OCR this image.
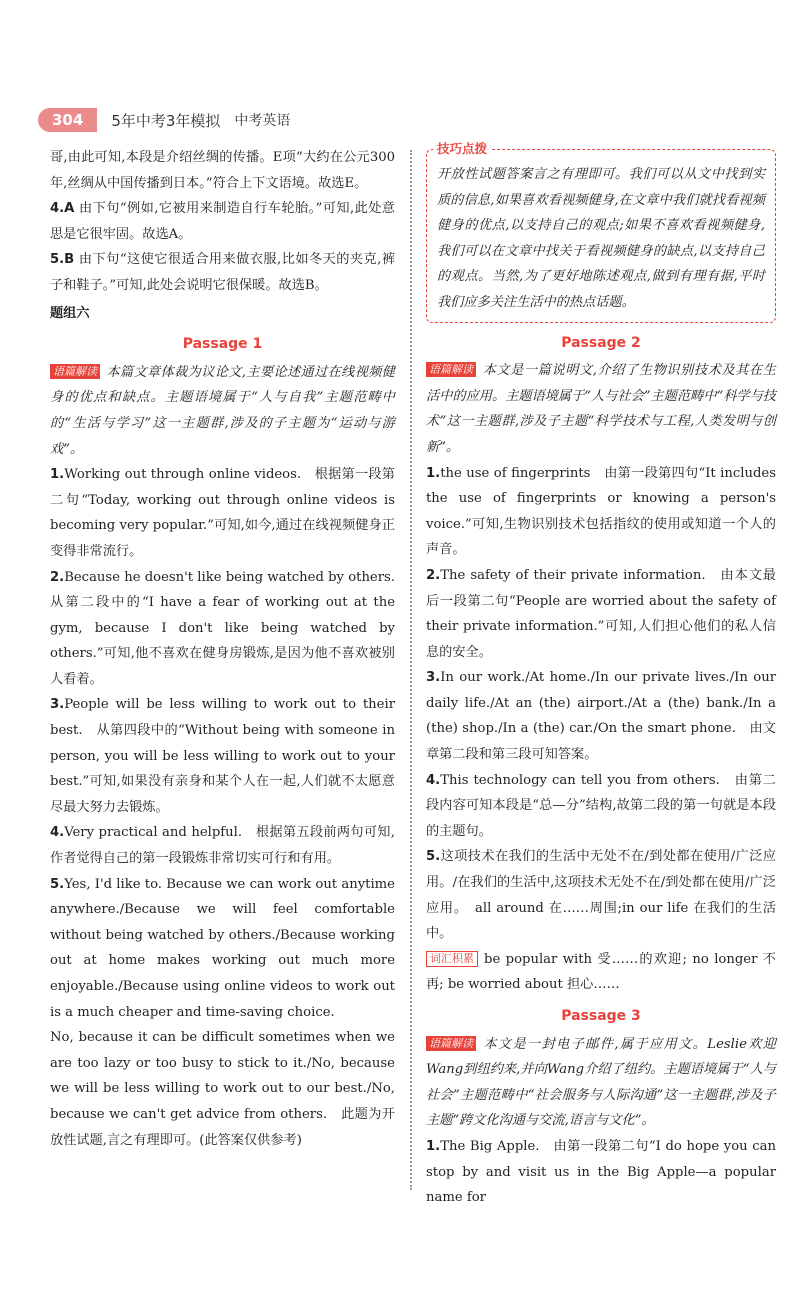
304	5年中考3年模拟 中考英语

哥,由此可知,本段是介绍丝绸的传播。E项“大约在公元300年,丝绸从中国传播到日本。”符合上下文语境。故选E。

4.A 由下句“例如,它被用来制造自行车轮胎。”可知,此处意思是它很牢固。故选A。

5.B 由下句“这使它很适合用来做衣服,比如冬天的夹克,裤子和鞋子。”可知,此处会说明它很保暖。故选B。

题组六
Passage 1

语篇解读 本篇文章体裁为议论文,主要论述通过在线视频健身的优点和缺点。主题语境属于“人与自我”主题范畴中的“生活与学习”这一主题群,涉及的子主题为“运动与游戏”。

1.Working out through online videos.　根据第一段第二句“Today, working out through online videos is becoming very popular.”可知,如今,通过在线视频健身正变得非常流行。

2.Because he doesn't like being watched by others.　从第二段中的“I have a fear of working out at the gym, because I don't like being watched by others.”可知,他不喜欢在健身房锻炼,是因为他不喜欢被别人看着。

3.People will be less willing to work out to their best.　从第四段中的“Without being with someone in person, you will be less willing to work out to your best.”可知,如果没有亲身和某个人在一起,人们就不太愿意尽最大努力去锻炼。

4.Very practical and helpful.　根据第五段前两句可知,作者觉得自己的第一段锻炼非常切实可行和有用。

5.Yes, I'd like to. Because we can work out anytime anywhere./Because we will feel comfortable without being watched by others./Because working out at home makes working out much more enjoyable./Because using online videos to work out is a much cheaper and time-saving choice.

No, because it can be difficult sometimes when we are too lazy or too busy to stick to it./No, because we will be less willing to work out to our best./No, because we can't get advice from others.　此题为开放性试题,言之有理即可。(此答案仅供参考)

技巧点拨

开放性试题答案言之有理即可。我们可以从文中找到实质的信息,如果喜欢看视频健身,在文章中我们就找看视频健身的优点,以支持自己的观点;如果不喜欢看视频健身,我们可以在文章中找关于看视频健身的缺点,以支持自己的观点。当然,为了更好地陈述观点,做到有理有据,平时我们应多关注生活中的热点话题。

Passage 2

语篇解读 本文是一篇说明文,介绍了生物识别技术及其在生活中的应用。主题语境属于“人与社会”主题范畴中“科学与技术”这一主题群,涉及子主题“科学技术与工程,人类发明与创新”。

1.the use of fingerprints　由第一段第四句“It includes the use of fingerprints or knowing a person's voice.”可知,生物识别技术包括指纹的使用或知道一个人的声音。

2.The safety of their private information.　由本文最后一段第二句“People are worried about the safety of their private information.”可知,人们担心他们的私人信息的安全。

3.In our work./At home./In our private lives./In our daily life./At an (the) airport./At a (the) bank./In a (the) shop./In a (the) car./On the smart phone.　由文章第二段和第三段可知答案。

4.This technology can tell you from others.　由第二段内容可知本段是“总—分”结构,故第二段的第一句就是本段的主题句。

5.这项技术在我们的生活中无处不在/到处都在使用/广泛应用。/在我们的生活中,这项技术无处不在/到处都在使用/广泛应用。　all around 在……周围;in our life 在我们的生活中。

词汇积累 be popular with 受……的欢迎; no longer 不再; be worried about 担心……

Passage 3

语篇解读 本文是一封电子邮件,属于应用文。Leslie欢迎Wang到纽约来,并向Wang介绍了纽约。主题语境属于“人与社会”主题范畴中“社会服务与人际沟通”这一主题群,涉及子主题“跨文化沟通与交流,语言与文化”。

1.The Big Apple.　由第一段第二句“I do hope you can stop by and visit us in the Big Apple—a popular name for
